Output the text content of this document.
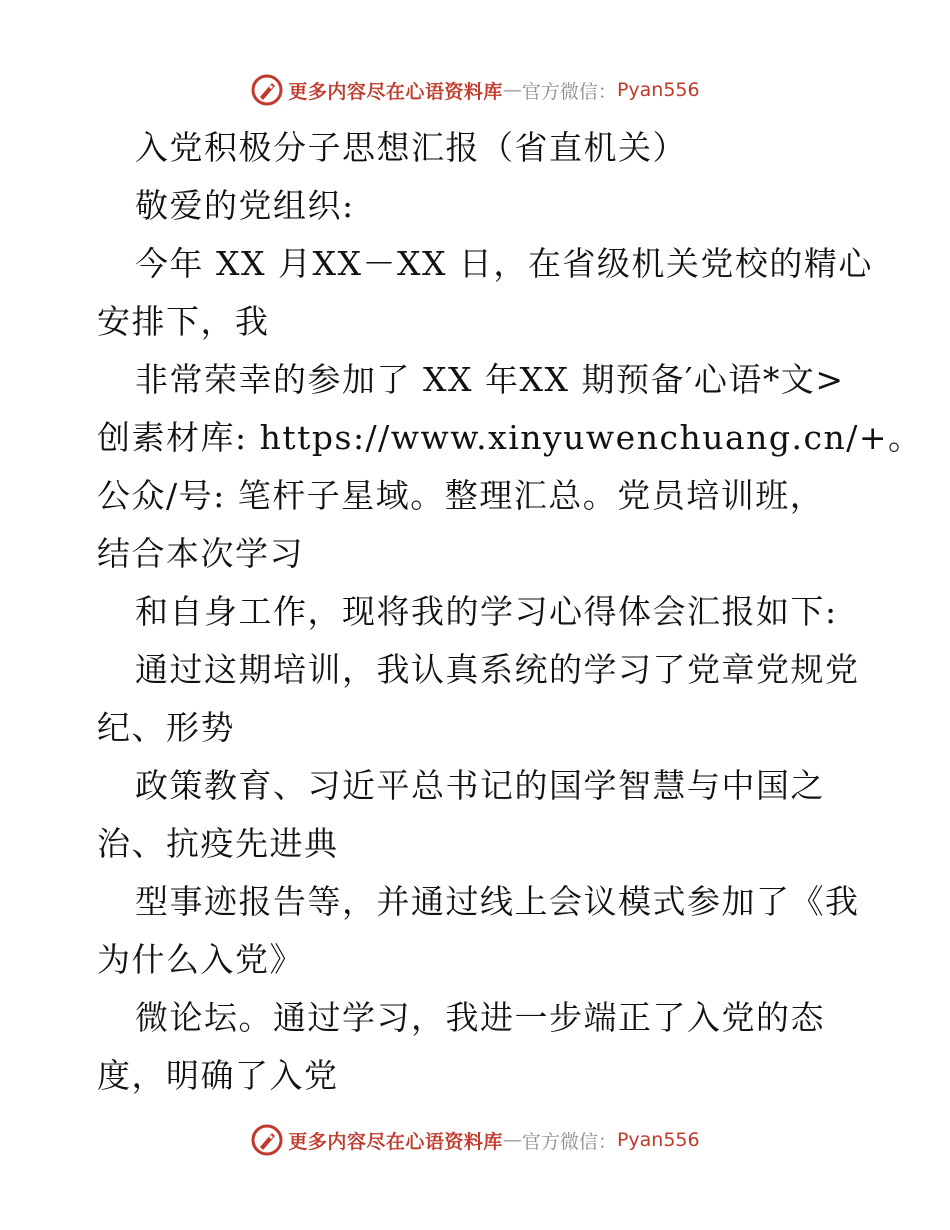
更多内容尽在心语资料库 — 官方微信： Pyan556
入党积极分子思想汇报（省直机关）
敬爱的党组织:
今年 XX 月XX－XX 日，在省级机关党校的精心
安排下，我
非常荣幸的参加了 XX 年XX 期预备′心语*文>
创素材库: https://www.xinyuwenchuang.cn/+。
公众/号: 笔杆子星域。整理汇总。党员培训班，
结合本次学习
和自身工作，现将我的学习心得体会汇报如下:
通过这期培训，我认真系统的学习了党章党规党
纪、形势
政策教育、习近平总书记的国学智慧与中国之
治、抗疫先进典
型事迹报告等，并通过线上会议模式参加了《我
为什么入党》
微论坛。通过学习，我进一步端正了入党的态
度，明确了入党
更多内容尽在心语资料库 — 官方微信： Pyan556
